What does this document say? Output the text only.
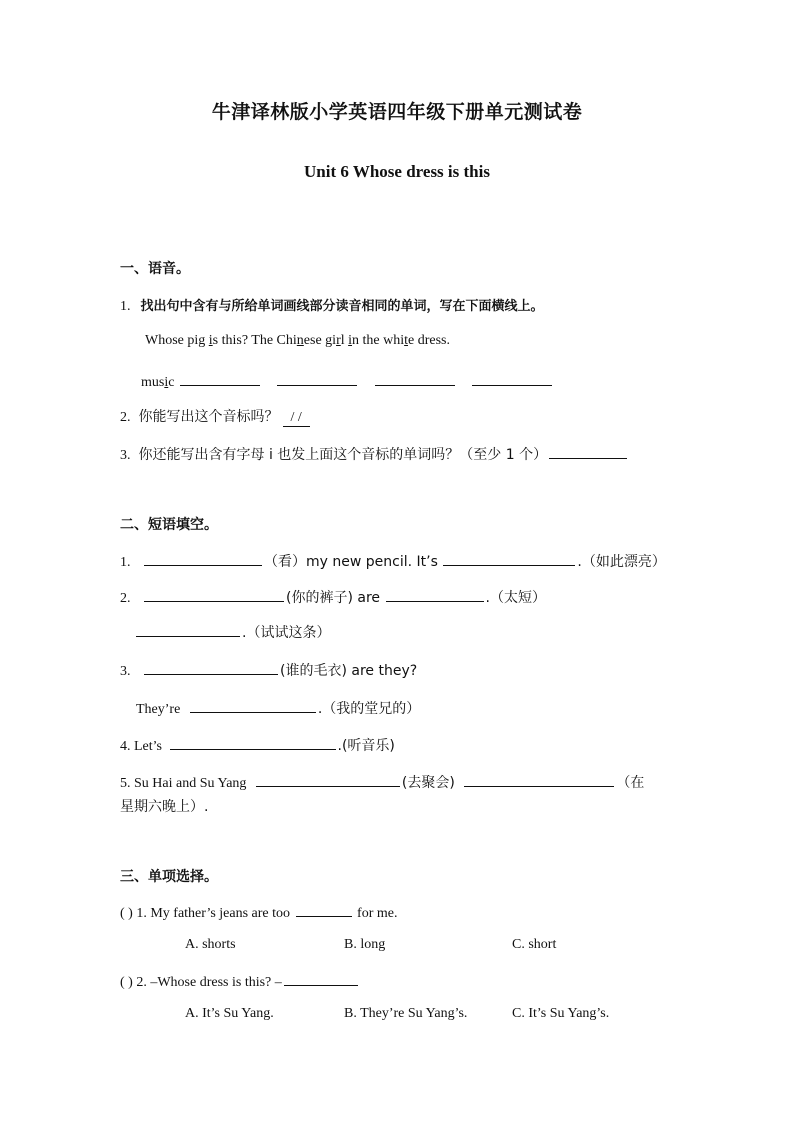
牛津译林版小学英语四年级下册单元测试卷
Unit 6 Whose dress is this
一、语音。
1. 找出句中含有与所给单词画线部分读音相同的单词，写在下面横线上。
Whose pig is this? The Chinese girl in the white dress.
music
2. 你能写出这个音标吗？ / /
3. 你还能写出含有字母 i 也发上面这个音标的单词吗？（至少 1 个）
二、短语填空。
1.	（看）my new pencil. It’s	.（如此漂亮）
2.	(你的裤子) are	.（太短）
.（试试这条）
3.	(谁的毛衣) are they?
They’re	.（我的堂兄的）
4. Let’s	.(听音乐)
5. Su Hai and Su Yang	(去聚会)	（在
星期六晚上）.
三、单项选择。
( ) 1. My father’s jeans are too	for me.
A. shorts	B. long	C. short
( ) 2. –Whose dress is this? –
A. It’s Su Yang.	B. They’re Su Yang’s.	C. It’s Su Yang’s.
